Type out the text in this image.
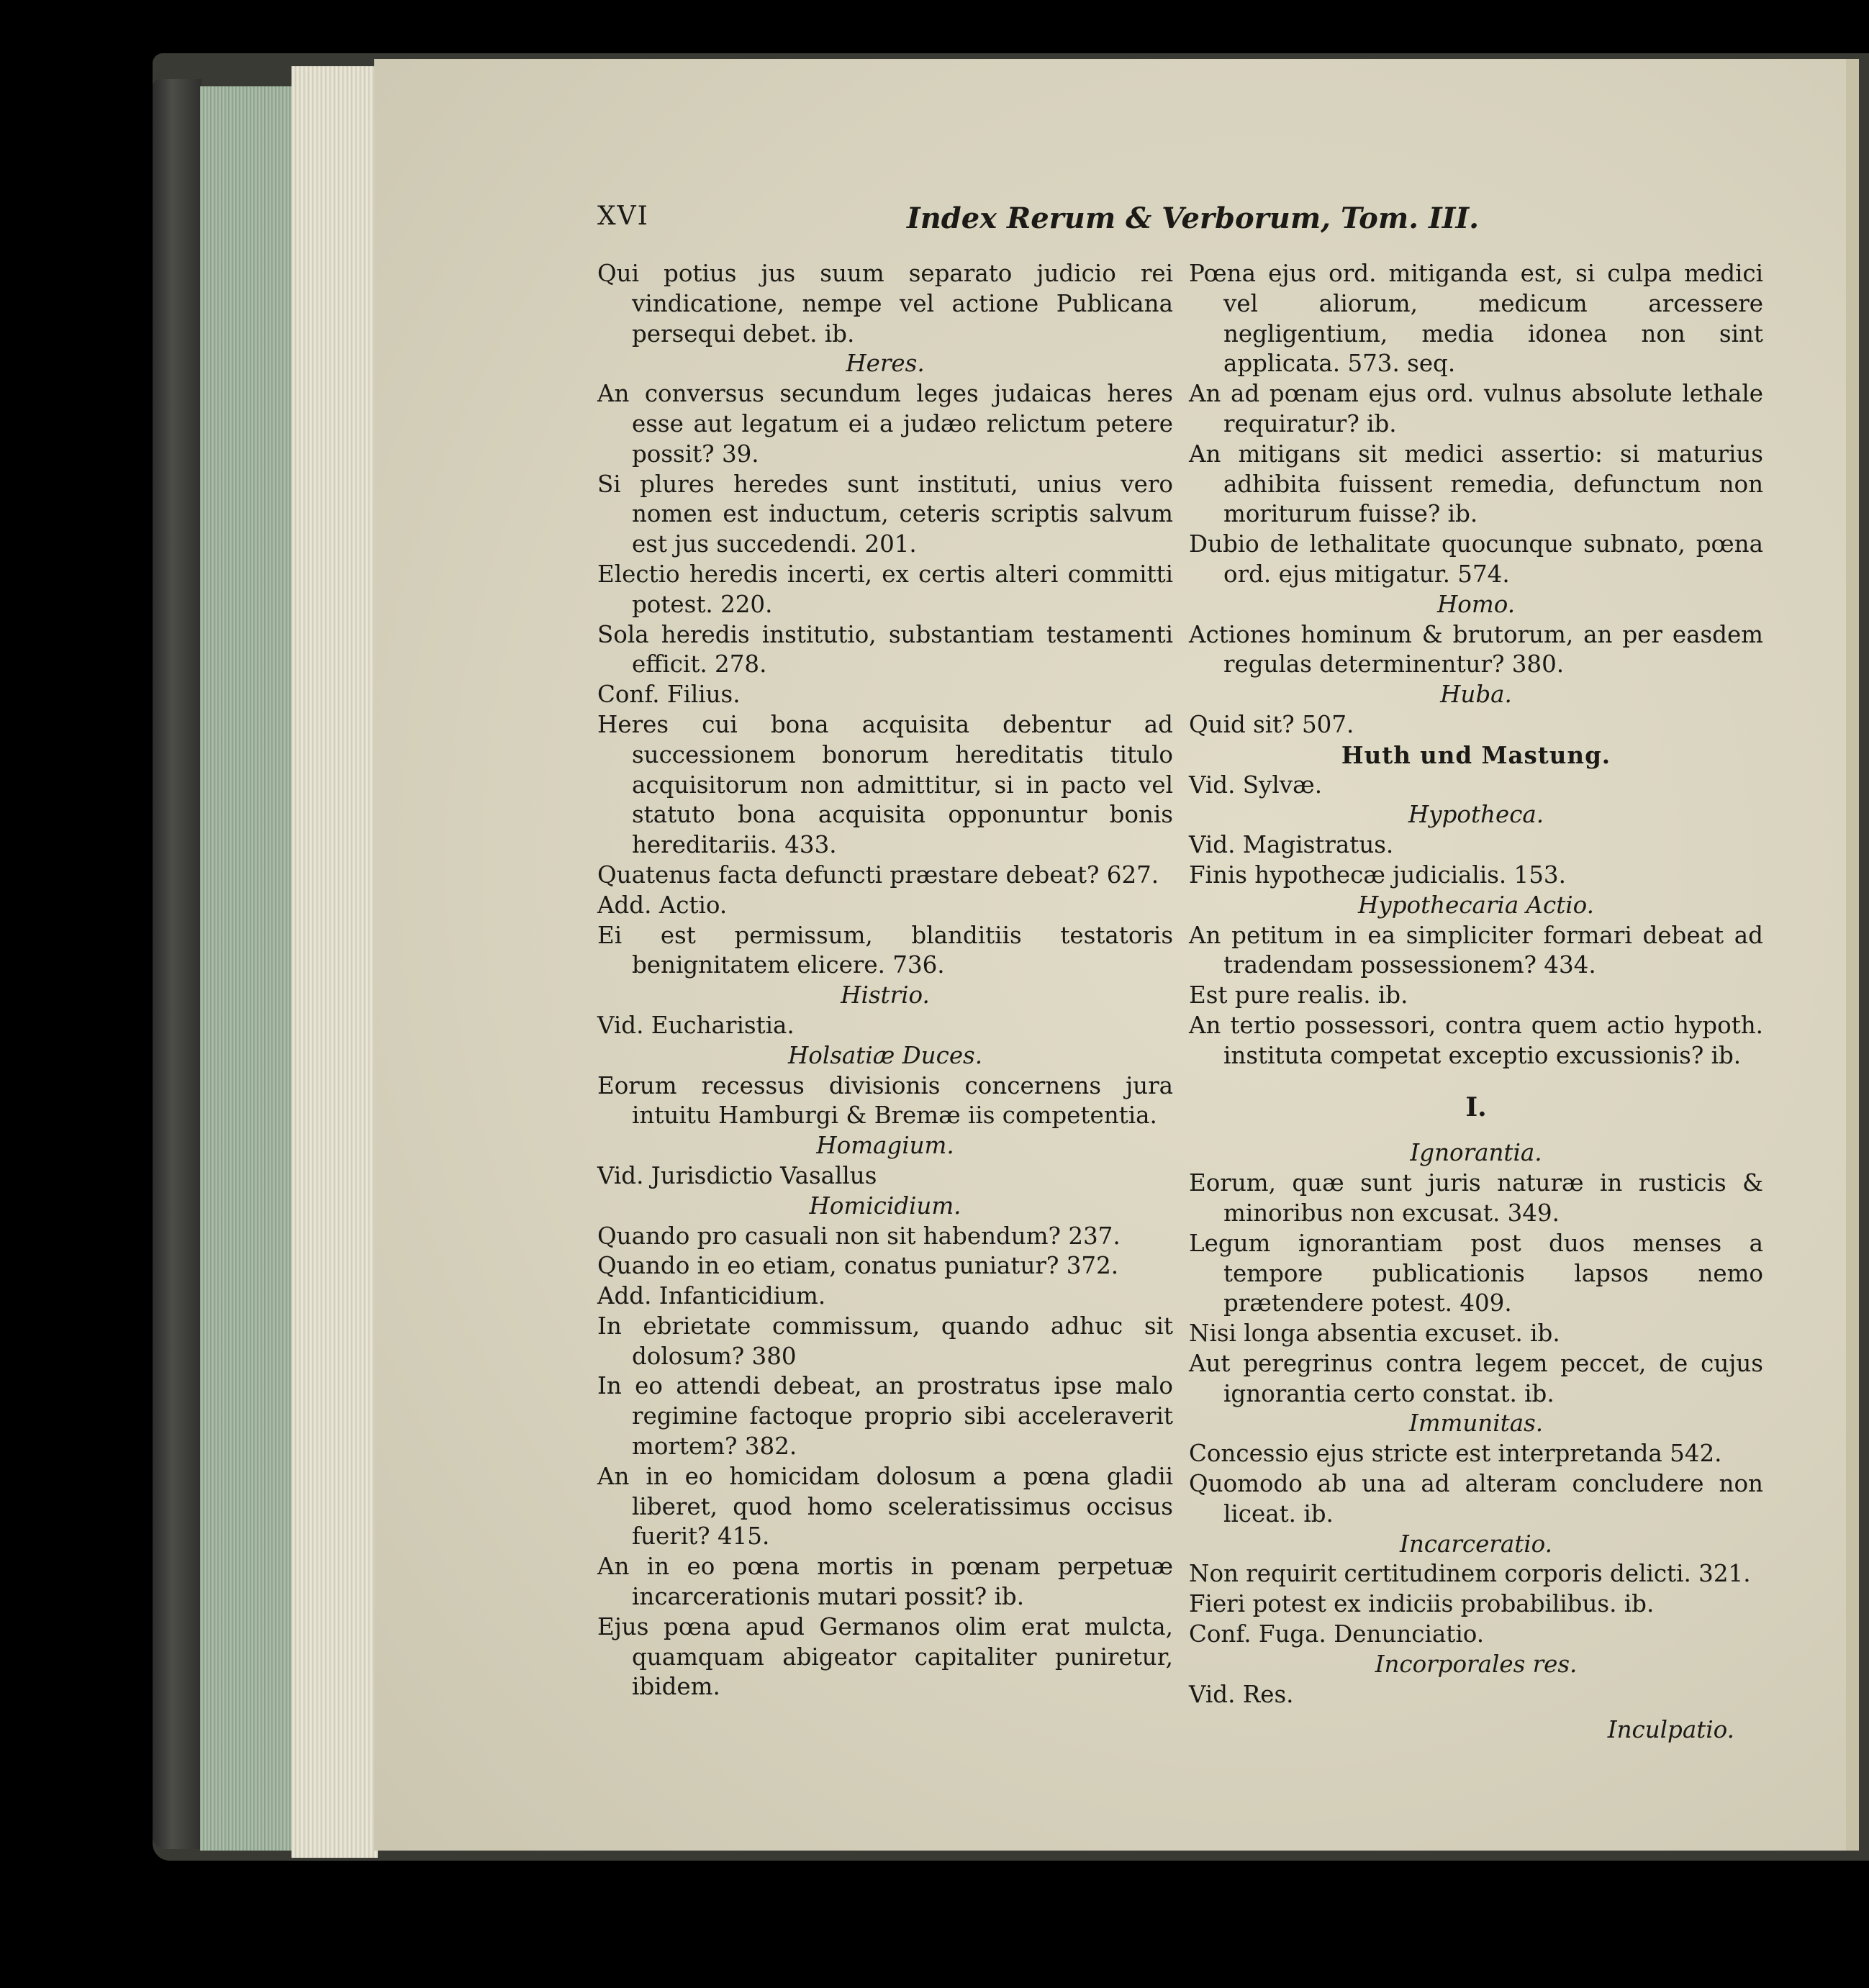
XVI	Index Rerum & Verborum, Tom. III.
Qui potius jus suum separato judicio rei vindicatione, nempe vel actione Publicana persequi debet. ib.
Heres.
An conversus secundum leges judaicas heres esse aut legatum ei a judæo relictum petere possit? 39.
Si plures heredes sunt instituti, unius vero nomen est inductum, ceteris scriptis salvum est jus succedendi. 201.
Electio heredis incerti, ex certis alteri committi potest. 220.
Sola heredis institutio, substantiam testamenti efficit. 278.
Conf. Filius.
Heres cui bona acquisita debentur ad successionem bonorum hereditatis titulo acquisitorum non admittitur, si in pacto vel statuto bona acquisita opponuntur bonis hereditariis. 433.
Quatenus facta defuncti præstare debeat? 627.
Add. Actio.
Ei est permissum, blanditiis testatoris benignitatem elicere. 736.
Histrio.
Vid. Eucharistia.
Holsatiæ Duces.
Eorum recessus divisionis concernens jura intuitu Hamburgi & Bremæ iis competentia.
Homagium.
Vid. Jurisdictio Vasallus
Homicidium.
Quando pro casuali non sit habendum? 237.
Quando in eo etiam, conatus puniatur? 372.
Add. Infanticidium.
In ebrietate commissum, quando adhuc sit dolosum? 380
In eo attendi debeat, an prostratus ipse malo regimine factoque proprio sibi acceleraverit mortem? 382.
An in eo homicidam dolosum a pœna gladii liberet, quod homo sceleratissimus occisus fuerit? 415.
An in eo pœna mortis in pœnam perpetuæ incarcerationis mutari possit? ib.
Ejus pœna apud Germanos olim erat mulcta, quamquam abigeator capitaliter puniretur, ibidem.
Pœna ejus ord. mitiganda est, si culpa medici vel aliorum, medicum arcessere negligentium, media idonea non sint applicata. 573. seq.
An ad pœnam ejus ord. vulnus absolute lethale requiratur? ib.
An mitigans sit medici assertio: si maturius adhibita fuissent remedia, defunctum non moriturum fuisse? ib.
Dubio de lethalitate quocunque subnato, pœna ord. ejus mitigatur. 574.
Homo.
Actiones hominum & brutorum, an per easdem regulas determinentur? 380.
Huba.
Quid sit? 507.
Huth und Mastung.
Vid. Sylvæ.
Hypotheca.
Vid. Magistratus.
Finis hypothecæ judicialis. 153.
Hypothecaria Actio.
An petitum in ea simpliciter formari debeat ad tradendam possessionem? 434.
Est pure realis. ib.
An tertio possessori, contra quem actio hypoth. instituta competat exceptio excussionis? ib.
I.
Ignorantia.
Eorum, quæ sunt juris naturæ in rusticis & minoribus non excusat. 349.
Legum ignorantiam post duos menses a tempore publicationis lapsos nemo prætendere potest. 409.
Nisi longa absentia excuset. ib.
Aut peregrinus contra legem peccet, de cujus ignorantia certo constat. ib.
Immunitas.
Concessio ejus stricte est interpretanda 542.
Quomodo ab una ad alteram concludere non liceat. ib.
Incarceratio.
Non requirit certitudinem corporis delicti. 321.
Fieri potest ex indiciis probabilibus. ib.
Conf. Fuga. Denunciatio.
Incorporales res.
Vid. Res.
Inculpatio.
